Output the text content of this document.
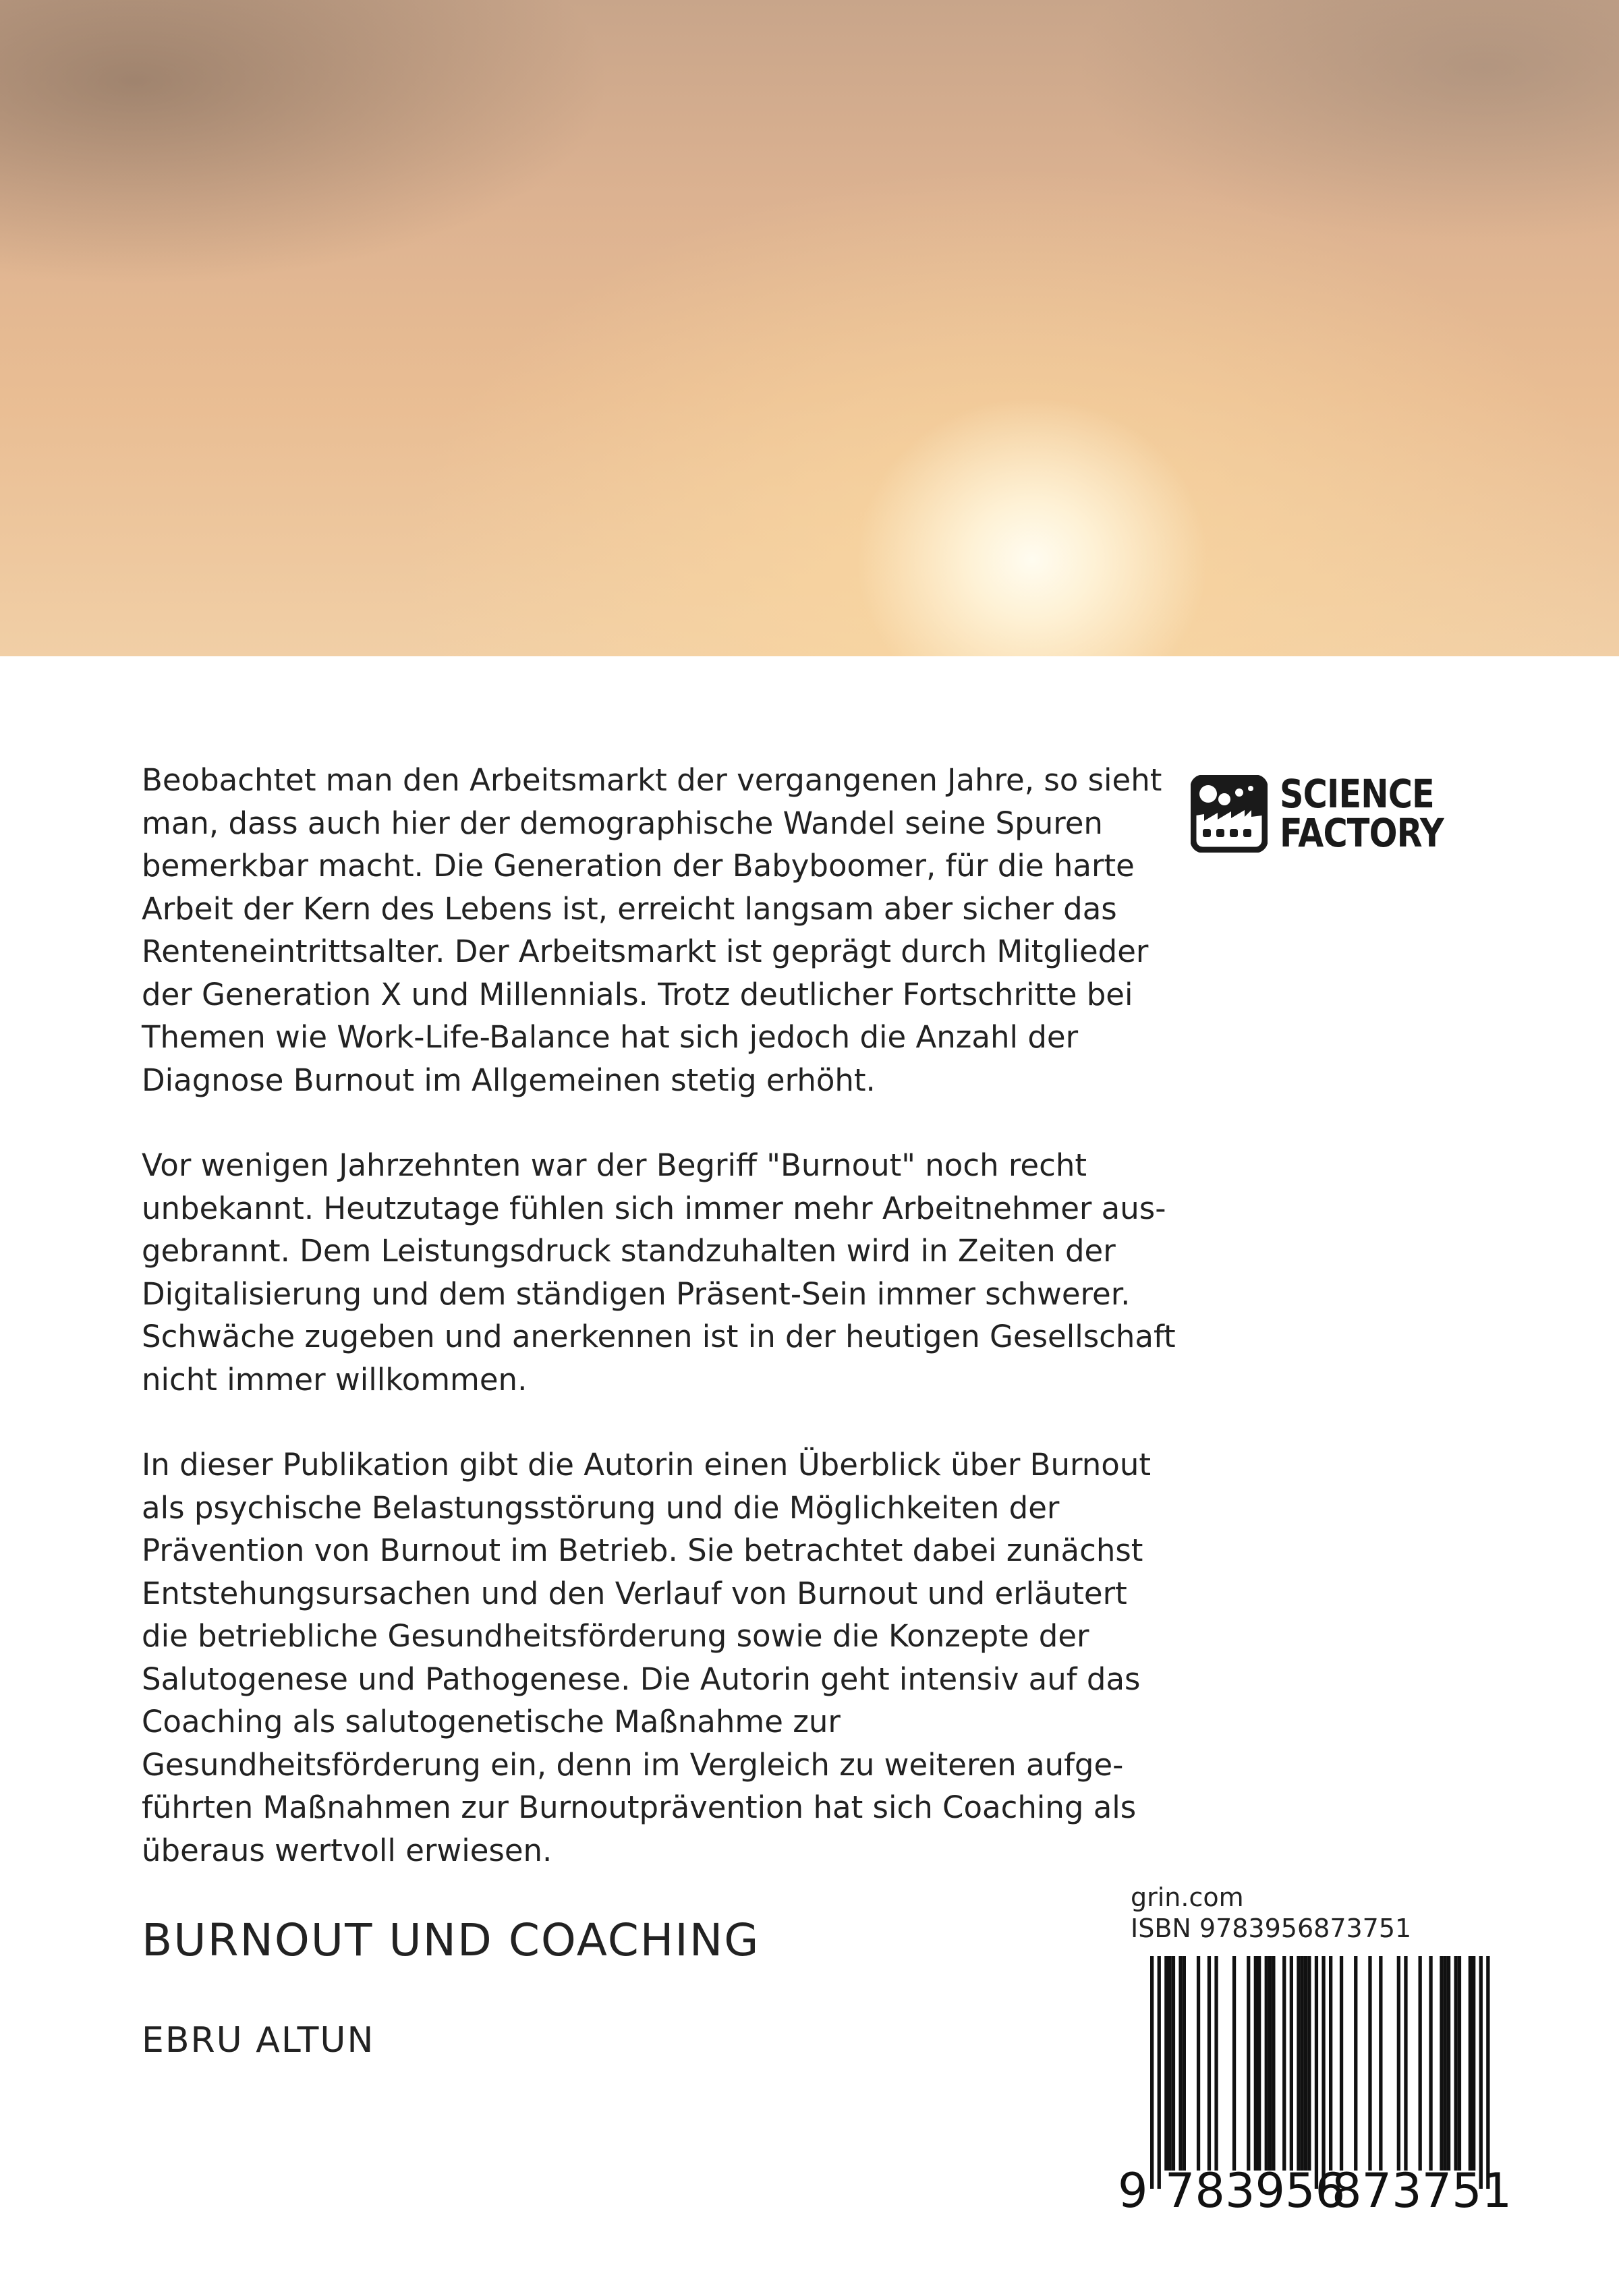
SCIENCE
FACTORY
Beobachtet man den Arbeitsmarkt der vergangenen Jahre, so sieht
man, dass auch hier der demographische Wandel seine Spuren
bemerkbar macht. Die Generation der Babyboomer, für die harte
Arbeit der Kern des Lebens ist, erreicht langsam aber sicher das
Renteneintrittsalter. Der Arbeitsmarkt ist geprägt durch Mitglieder
der Generation X und Millennials. Trotz deutlicher Fortschritte bei
Themen wie Work-Life-Balance hat sich jedoch die Anzahl der
Diagnose Burnout im Allgemeinen stetig erhöht.
Vor wenigen Jahrzehnten war der Begriff "Burnout" noch recht
unbekannt. Heutzutage fühlen sich immer mehr Arbeitnehmer aus-
gebrannt. Dem Leistungsdruck standzuhalten wird in Zeiten der
Digitalisierung und dem ständigen Präsent-Sein immer schwerer.
Schwäche zugeben und anerkennen ist in der heutigen Gesellschaft
nicht immer willkommen.
In dieser Publikation gibt die Autorin einen Überblick über Burnout
als psychische Belastungsstörung und die Möglichkeiten der
Prävention von Burnout im Betrieb. Sie betrachtet dabei zunächst
Entstehungsursachen und den Verlauf von Burnout und erläutert
die betriebliche Gesundheitsförderung sowie die Konzepte der
Salutogenese und Pathogenese. Die Autorin geht intensiv auf das
Coaching als salutogenetische Maßnahme zur
Gesundheitsförderung ein, denn im Vergleich zu weiteren aufge-
führten Maßnahmen zur Burnoutprävention hat sich Coaching als
überaus wertvoll erwiesen.
BURNOUT UND COACHING
EBRU ALTUN
grin.com
ISBN 9783956873751
9 783956
873751
